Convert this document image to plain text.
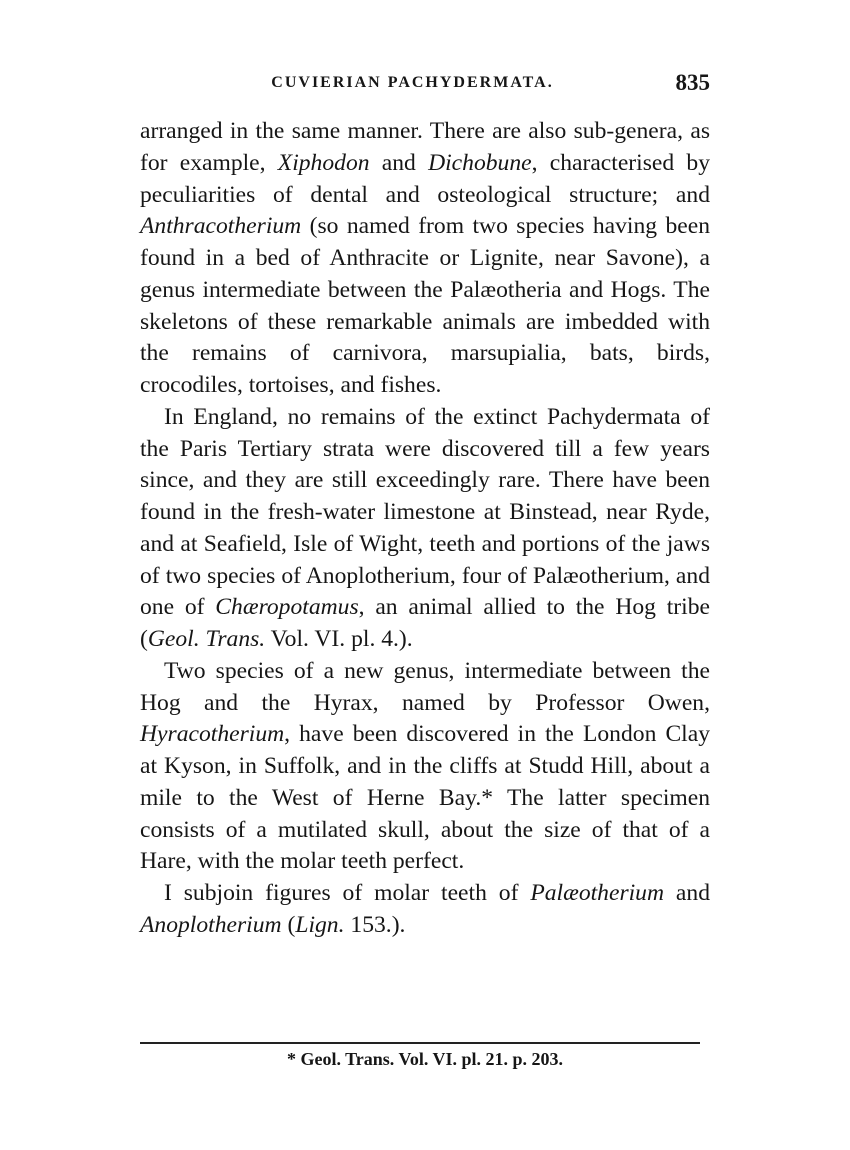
CUVIERIAN PACHYDERMATA.	835

arranged in the same manner. There are also sub-genera, as for example, Xiphodon and Dichobune, characterised by peculiarities of dental and osteological structure; and Anthracotherium (so named from two species having been found in a bed of Anthracite or Lignite, near Savone), a genus intermediate between the Palæotheria and Hogs. The skeletons of these remarkable animals are imbedded with the remains of carnivora, marsupialia, bats, birds, crocodiles, tortoises, and fishes.

In England, no remains of the extinct Pachydermata of the Paris Tertiary strata were discovered till a few years since, and they are still exceedingly rare. There have been found in the fresh-water limestone at Binstead, near Ryde, and at Seafield, Isle of Wight, teeth and portions of the jaws of two species of Anoplotherium, four of Palæotherium, and one of Chæropotamus, an animal allied to the Hog tribe (Geol. Trans. Vol. VI. pl. 4.).

Two species of a new genus, intermediate between the Hog and the Hyrax, named by Professor Owen, Hyracotherium, have been discovered in the London Clay at Kyson, in Suffolk, and in the cliffs at Studd Hill, about a mile to the West of Herne Bay.* The latter specimen consists of a mutilated skull, about the size of that of a Hare, with the molar teeth perfect.

I subjoin figures of molar teeth of Palæotherium and Anoplotherium (Lign. 153.).

* Geol. Trans. Vol. VI. pl. 21. p. 203.
